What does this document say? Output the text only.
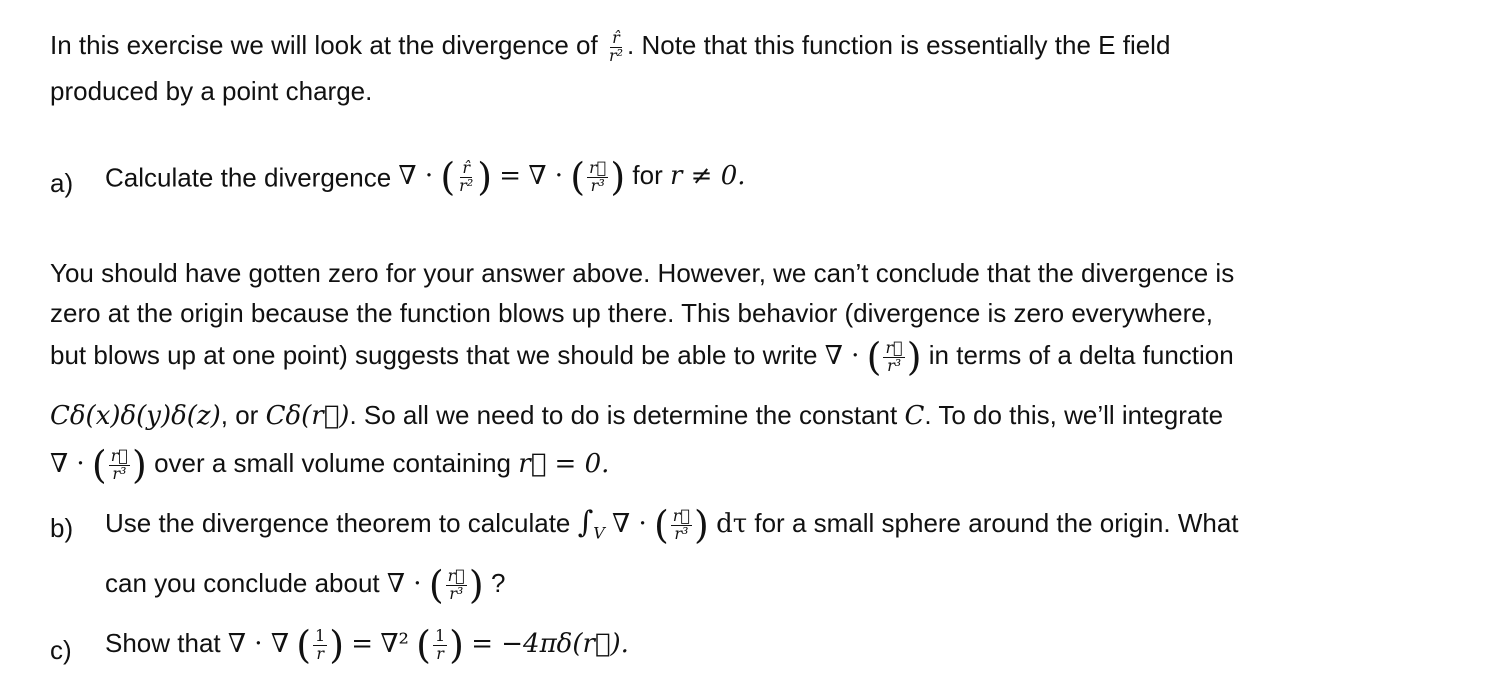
In this exercise we will look at the divergence of $\frac{r̂}{\text{r²}}$ . Note that this function is essentially the E field
produced by a point charge.
a) Calculate the divergence ∇ · ( $\frac{r̂}{\text{r²}}$ ) = ∇ · ( $\frac{r⃗}{\text{r³}}$ ) for r ≠ 0.
You should have gotten zero for your answer above. However, we can’t conclude that the divergence is
zero at the origin because the function blows up there. This behavior (divergence is zero everywhere,
but blows up at one point) suggests that we should be able to write ∇ · ( $\frac{r⃗}{\text{r³}}$ ) in terms of a delta function
Cδ(x)δ(y)δ(z), or Cδ(r⃗). So all we need to do is determine the constant C. To do this, we’ll integrate
∇ · ( $\frac{r⃗}{\text{r³}}$ ) over a small volume containing r⃗ = 0.
b) Use the divergence theorem to calculate $\int_V$ ∇ · ( $\frac{r⃗}{\text{r³}}$ ) dτ for a small sphere around the origin. What
can you conclude about ∇ · ( $\frac{r⃗}{\text{r³}}$ ) ?
c) Show that ∇ · ∇ ( $\frac{1}{r}$ ) = ∇² ( $\frac{1}{r}$ ) = −4πδ(r⃗).
